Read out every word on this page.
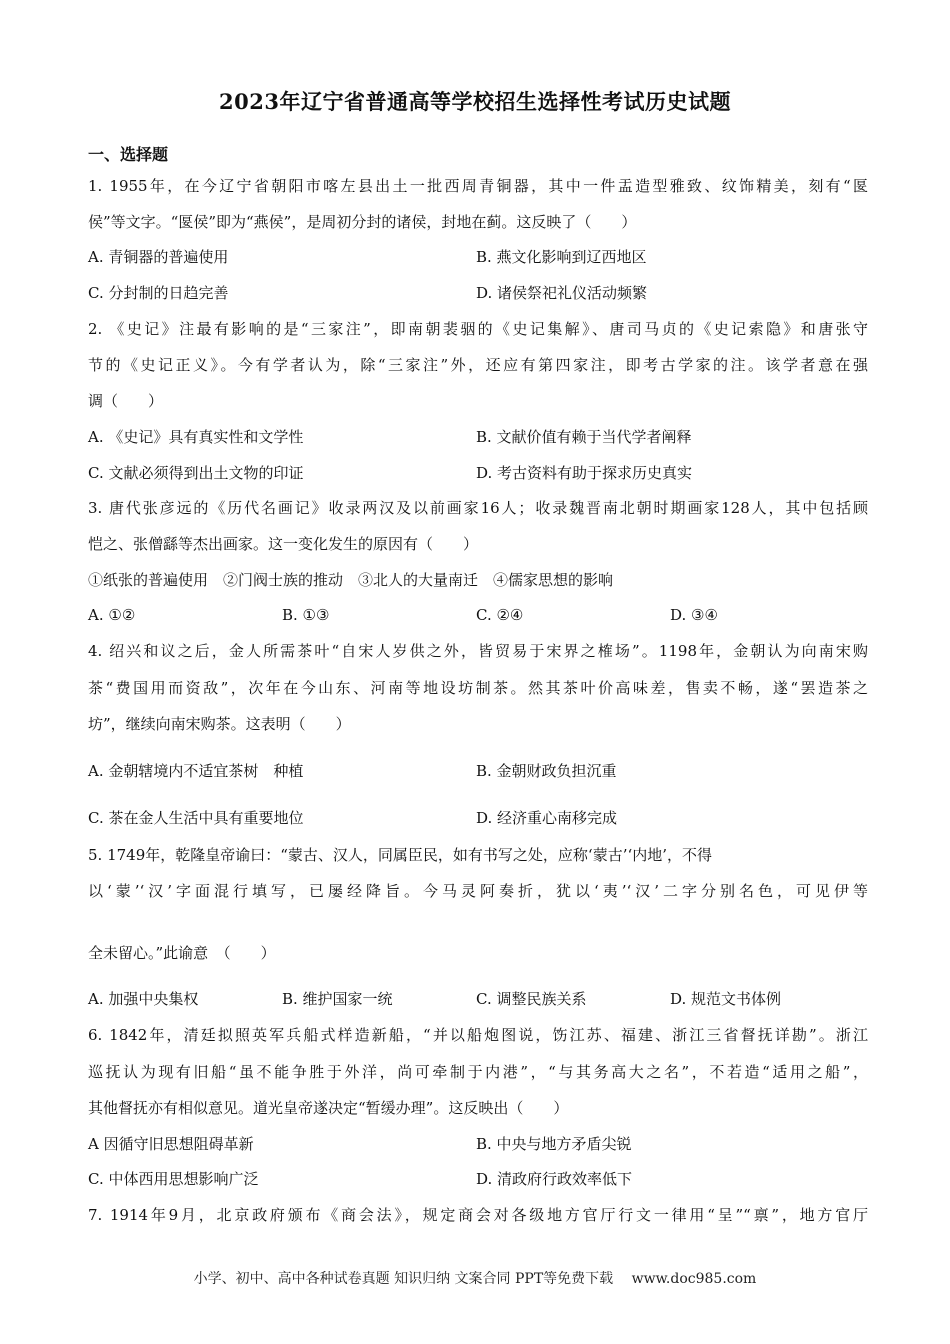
2023年辽宁省普通高等学校招生选择性考试历史试题
一、选择题
1. 1955年，在今辽宁省朝阳市喀左县出土一批西周青铜器，其中一件盂造型雅致、纹饰精美，刻有“匽
侯”等文字。“匽侯”即为“燕侯”，是周初分封的诸侯，封地在蓟。这反映了（　　）
A. 青铜器的普遍使用	B. 燕文化影响到辽西地区
C. 分封制的日趋完善	D. 诸侯祭祀礼仪活动频繁
2. 《史记》注最有影响的是“三家注”，即南朝裴骃的《史记集解》、唐司马贞的《史记索隐》和唐张守
节的《史记正义》。今有学者认为，除“三家注”外，还应有第四家注，即考古学家的注。该学者意在强
调（　　）
A. 《史记》具有真实性和文学性	B. 文献价值有赖于当代学者阐释
C. 文献必须得到出土文物的印证	D. 考古资料有助于探求历史真实
3. 唐代张彦远的《历代名画记》收录两汉及以前画家16人；收录魏晋南北朝时期画家128人，其中包括顾
恺之、张僧繇等杰出画家。这一变化发生的原因有（　　）
①纸张的普遍使用　②门阀士族的推动　③北人的大量南迁　④儒家思想的影响
A. ①②	B. ①③	C. ②④	D. ③④
4. 绍兴和议之后，金人所需茶叶“自宋人岁供之外，皆贸易于宋界之榷场”。1198年，金朝认为向南宋购
茶“费国用而资敌”，次年在今山东、河南等地设坊制茶。然其茶叶价高味差，售卖不畅，遂“罢造茶之
坊”，继续向南宋购茶。这表明（　　）
A. 金朝辖境内不适宜茶树　种植	B. 金朝财政负担沉重
C. 茶在金人生活中具有重要地位	D. 经济重心南移完成
5. 1749年，乾隆皇帝谕曰：“蒙古、汉人，同属臣民，如有书写之处，应称‘蒙古’‘内地’，不得
以‘蒙’‘汉’字面混行填写，已屡经降旨。今马灵阿奏折，犹以‘夷’‘汉’二字分别名色，可见伊等
全未留心。”此谕意　（　　）
A. 加强中央集权	B. 维护国家一统	C. 调整民族关系	D. 规范文书体例
6. 1842年，清廷拟照英军兵船式样造新船，“并以船炮图说，饬江苏、福建、浙江三省督抚详勘”。浙江
巡抚认为现有旧船“虽不能争胜于外洋，尚可牵制于内港”，“与其务高大之名”，不若造“适用之船”，
其他督抚亦有相似意见。道光皇帝遂决定“暂缓办理”。这反映出（　　）
A 因循守旧思想阻碍革新	B. 中央与地方矛盾尖锐
C. 中体西用思想影响广泛	D. 清政府行政效率低下
7. 1914年9月，北京政府颁布《商会法》，规定商会对各级地方官厅行文一律用“呈”“禀”，地方官厅
小学、初中、高中各种试卷真题 知识归纳 文案合同 PPT等免费下载　 www.doc985.com
